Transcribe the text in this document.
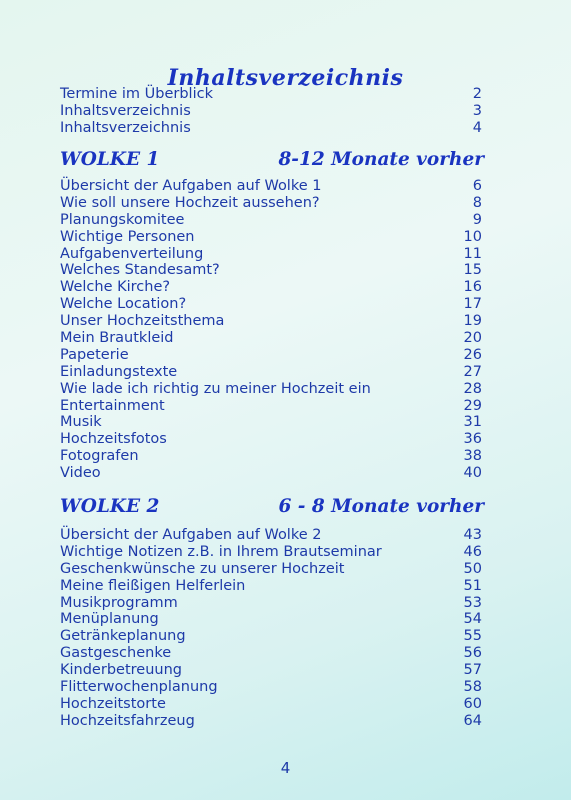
Inhaltsverzeichnis
Termine im Überblick	2
Inhaltsverzeichnis	3
Inhaltsverzeichnis	4
WOLKE 1	8-12 Monate vorher
Übersicht der Aufgaben auf Wolke 1	6
Wie soll unsere Hochzeit aussehen?	8
Planungskomitee	9
Wichtige Personen	10
Aufgabenverteilung	11
Welches Standesamt?	15
Welche Kirche?	16
Welche Location?	17
Unser Hochzeitsthema	19
Mein Brautkleid	20
Papeterie	26
Einladungstexte	27
Wie lade ich richtig zu meiner Hochzeit ein	28
Entertainment	29
Musik	31
Hochzeitsfotos	36
Fotografen	38
Video	40
WOLKE 2	6 - 8 Monate vorher
Übersicht der Aufgaben auf Wolke 2	43
Wichtige Notizen z.B. in Ihrem Brautseminar	46
Geschenkwünsche zu unserer Hochzeit	50
Meine fleißigen Helferlein	51
Musikprogramm	53
Menüplanung	54
Getränkeplanung	55
Gastgeschenke	56
Kinderbetreuung	57
Flitterwochenplanung	58
Hochzeitstorte	60
Hochzeitsfahrzeug	64
4
